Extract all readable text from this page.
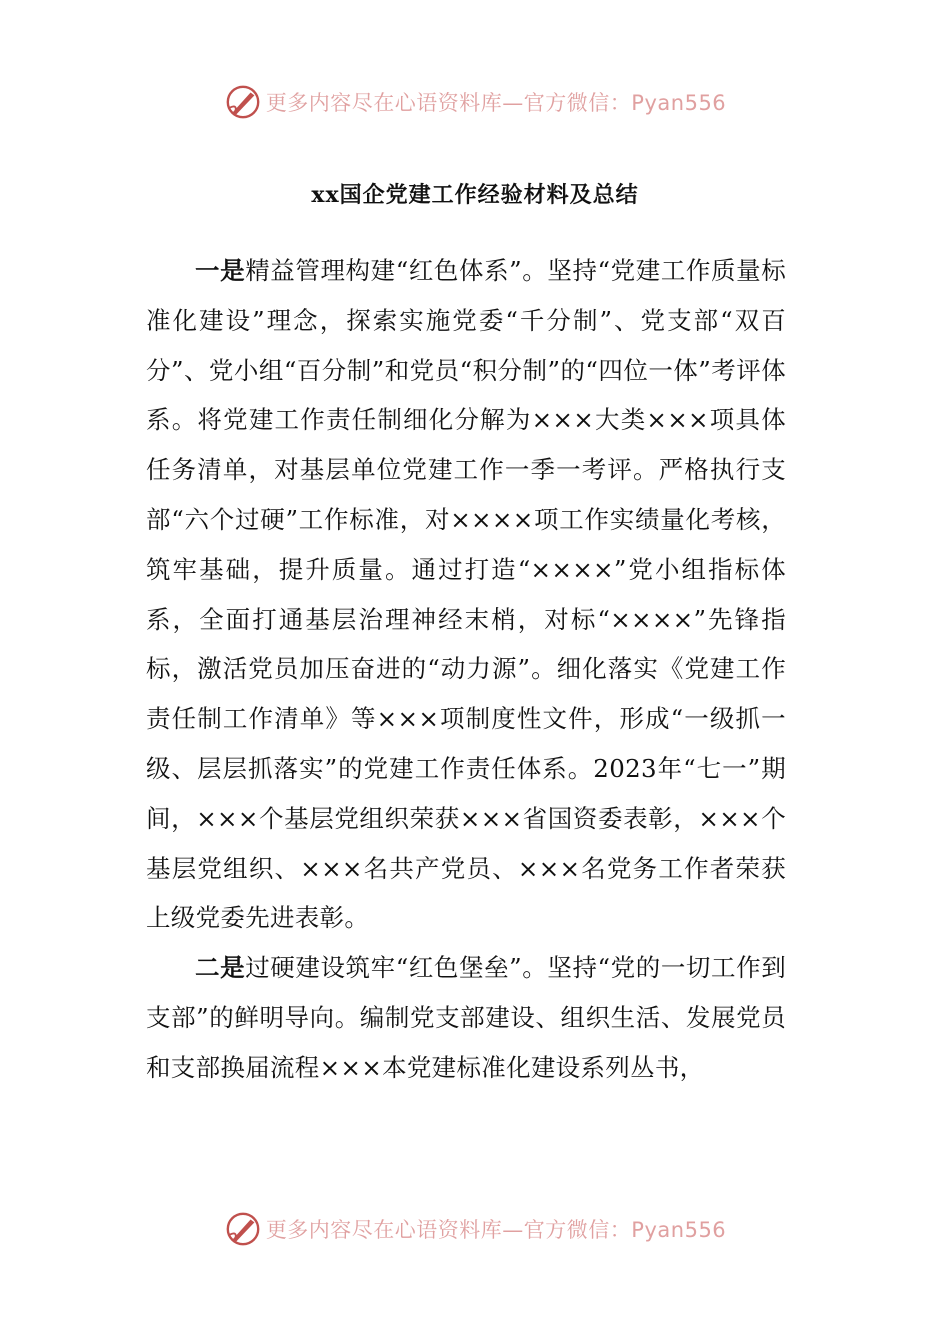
更多内容尽在心语资料库—官方微信：Pyan556
xx国企党建工作经验材料及总结

一是精益管理构建“红色体系”。坚持“党建工作质量标准化建设”理念，探索实施党委“千分制”、党支部“双百分”、党小组“百分制”和党员“积分制”的“四位一体”考评体系。将党建工作责任制细化分解为×××大类×××项具体任务清单，对基层单位党建工作一季一考评。严格执行支部“六个过硬”工作标准，对××××项工作实绩量化考核，筑牢基础，提升质量。通过打造“××××”党小组指标体系，全面打通基层治理神经末梢，对标“××××”先锋指标，激活党员加压奋进的“动力源”。细化落实《党建工作责任制工作清单》等×××项制度性文件，形成“一级抓一级、层层抓落实”的党建工作责任体系。2023年“七一”期间，×××个基层党组织荣获×××省国资委表彰，×××个基层党组织、×××名共产党员、×××名党务工作者荣获上级党委先进表彰。

二是过硬建设筑牢“红色堡垒”。坚持“党的一切工作到支部”的鲜明导向。编制党支部建设、组织生活、发展党员和支部换届流程×××本党建标准化建设系列丛书，

更多内容尽在心语资料库—官方微信：Pyan556
